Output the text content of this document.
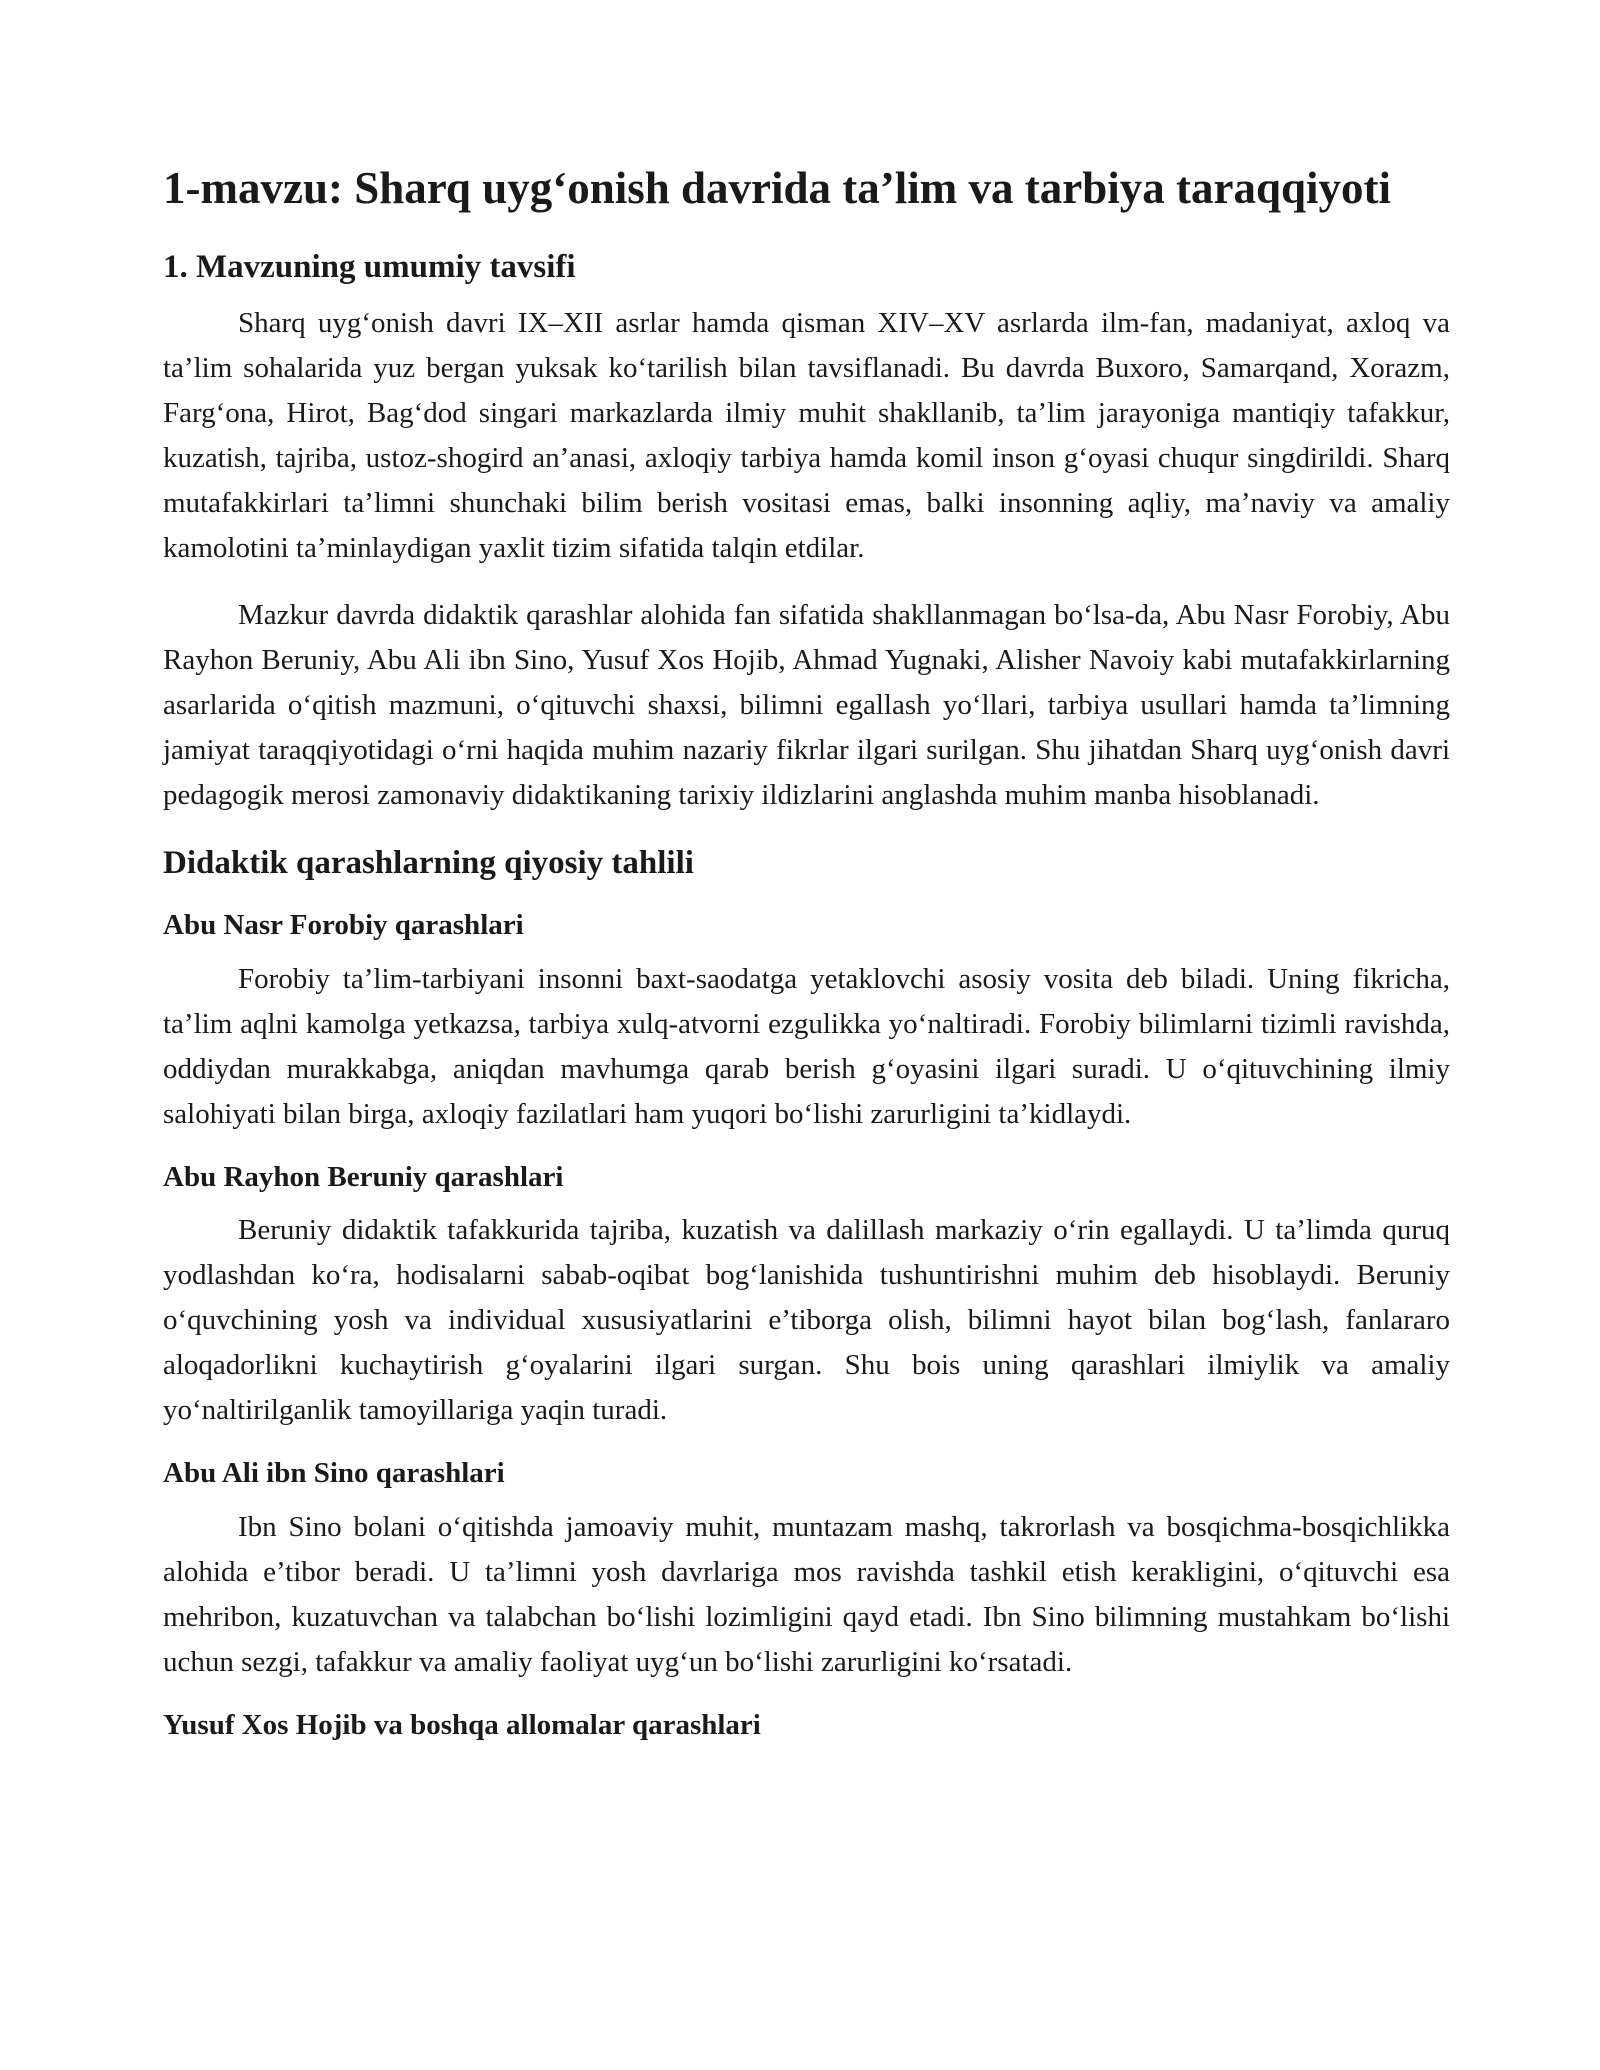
1-mavzu: Sharq uyg‘onish davrida ta’lim va tarbiya taraqqiyoti
1. Mavzuning umumiy tavsifi

Sharq uyg‘onish davri IX–XII asrlar hamda qisman XIV–XV asrlarda ilm-fan, madaniyat, axloq va ta’lim sohalarida yuz bergan yuksak ko‘tarilish bilan tavsiflanadi. Bu davrda Buxoro, Samarqand, Xorazm, Farg‘ona, Hirot, Bag‘dod singari markazlarda ilmiy muhit shakllanib, ta’lim jarayoniga mantiqiy tafakkur, kuzatish, tajriba, ustoz-shogird an’anasi, axloqiy tarbiya hamda komil inson g‘oyasi chuqur singdirildi. Sharq mutafakkirlari ta’limni shunchaki bilim berish vositasi emas, balki insonning aqliy, ma’naviy va amaliy kamolotini ta’minlaydigan yaxlit tizim sifatida talqin etdilar.

Mazkur davrda didaktik qarashlar alohida fan sifatida shakllanmagan bo‘lsa-da, Abu Nasr Forobiy, Abu Rayhon Beruniy, Abu Ali ibn Sino, Yusuf Xos Hojib, Ahmad Yugnaki, Alisher Navoiy kabi mutafakkirlarning asarlarida o‘qitish mazmuni, o‘qituvchi shaxsi, bilimni egallash yo‘llari, tarbiya usullari hamda ta’limning jamiyat taraqqiyotidagi o‘rni haqida muhim nazariy fikrlar ilgari surilgan. Shu jihatdan Sharq uyg‘onish davri pedagogik merosi zamonaviy didaktikaning tarixiy ildizlarini anglashda muhim manba hisoblanadi.

Didaktik qarashlarning qiyosiy tahlili
Abu Nasr Forobiy qarashlari

Forobiy ta’lim-tarbiyani insonni baxt-saodatga yetaklovchi asosiy vosita deb biladi. Uning fikricha, ta’lim aqlni kamolga yetkazsa, tarbiya xulq-atvorni ezgulikka yo‘naltiradi. Forobiy bilimlarni tizimli ravishda, oddiydan murakkabga, aniqdan mavhumga qarab berish g‘oyasini ilgari suradi. U o‘qituvchining ilmiy salohiyati bilan birga, axloqiy fazilatlari ham yuqori bo‘lishi zarurligini ta’kidlaydi.

Abu Rayhon Beruniy qarashlari

Beruniy didaktik tafakkurida tajriba, kuzatish va dalillash markaziy o‘rin egallaydi. U ta’limda quruq yodlashdan ko‘ra, hodisalarni sabab-oqibat bog‘lanishida tushuntirishni muhim deb hisoblaydi. Beruniy o‘quvchining yosh va individual xususiyatlarini e’tiborga olish, bilimni hayot bilan bog‘lash, fanlararo aloqadorlikni kuchaytirish g‘oyalarini ilgari surgan. Shu bois uning qarashlari ilmiylik va amaliy yo‘naltirilganlik tamoyillariga yaqin turadi.

Abu Ali ibn Sino qarashlari

Ibn Sino bolani o‘qitishda jamoaviy muhit, muntazam mashq, takrorlash va bosqichma-bosqichlikka alohida e’tibor beradi. U ta’limni yosh davrlariga mos ravishda tashkil etish kerakligini, o‘qituvchi esa mehribon, kuzatuvchan va talabchan bo‘lishi lozimligini qayd etadi. Ibn Sino bilimning mustahkam bo‘lishi uchun sezgi, tafakkur va amaliy faoliyat uyg‘un bo‘lishi zarurligini ko‘rsatadi.

Yusuf Xos Hojib va boshqa allomalar qarashlari
